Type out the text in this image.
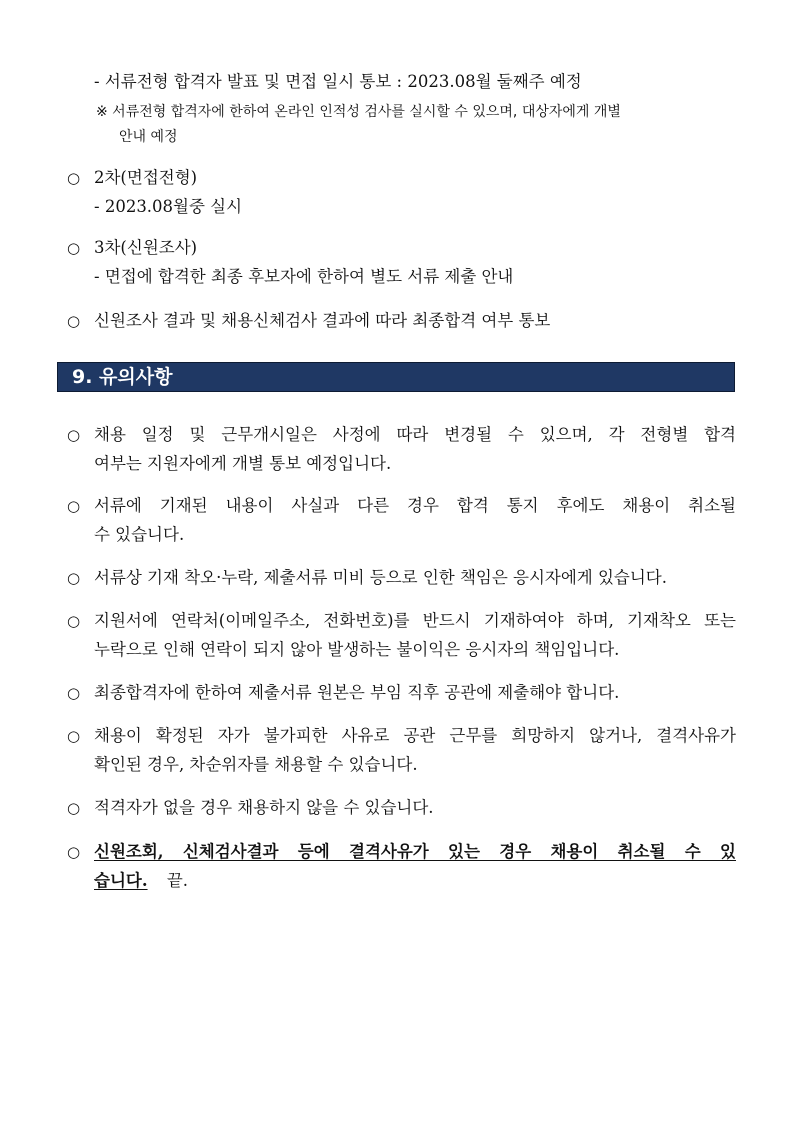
- 서류전형 합격자 발표 및 면접 일시 통보 : 2023.08월 둘째주 예정
※ 서류전형 합격자에 한하여 온라인 인적성 검사를 실시할 수 있으며, 대상자에게 개별
안내 예정
○ 2차(면접전형)
- 2023.08월중 실시
○ 3차(신원조사)
- 면접에 합격한 최종 후보자에 한하여 별도 서류 제출 안내
○ 신원조사 결과 및 채용신체검사 결과에 따라 최종합격 여부 통보
9. 유의사항
○ 채용 일정 및 근무개시일은 사정에 따라 변경될 수 있으며, 각 전형별 합격
여부는 지원자에게 개별 통보 예정입니다.
○ 서류에 기재된 내용이 사실과 다른 경우 합격 통지 후에도 채용이 취소될
수 있습니다.
○ 서류상 기재 착오·누락, 제출서류 미비 등으로 인한 책임은 응시자에게 있습니다.
○ 지원서에 연락처(이메일주소, 전화번호)를 반드시 기재하여야 하며, 기재착오 또는
누락으로 인해 연락이 되지 않아 발생하는 불이익은 응시자의 책임입니다.
○ 최종합격자에 한하여 제출서류 원본은 부임 직후 공관에 제출해야 합니다.
○ 채용이 확정된 자가 불가피한 사유로 공관 근무를 희망하지 않거나, 결격사유가
확인된 경우, 차순위자를 채용할 수 있습니다.
○ 적격자가 없을 경우 채용하지 않을 수 있습니다.
○ 신원조회, 신체검사결과 등에 결격사유가 있는 경우 채용이 취소될 수 있
습니다. 끝.
